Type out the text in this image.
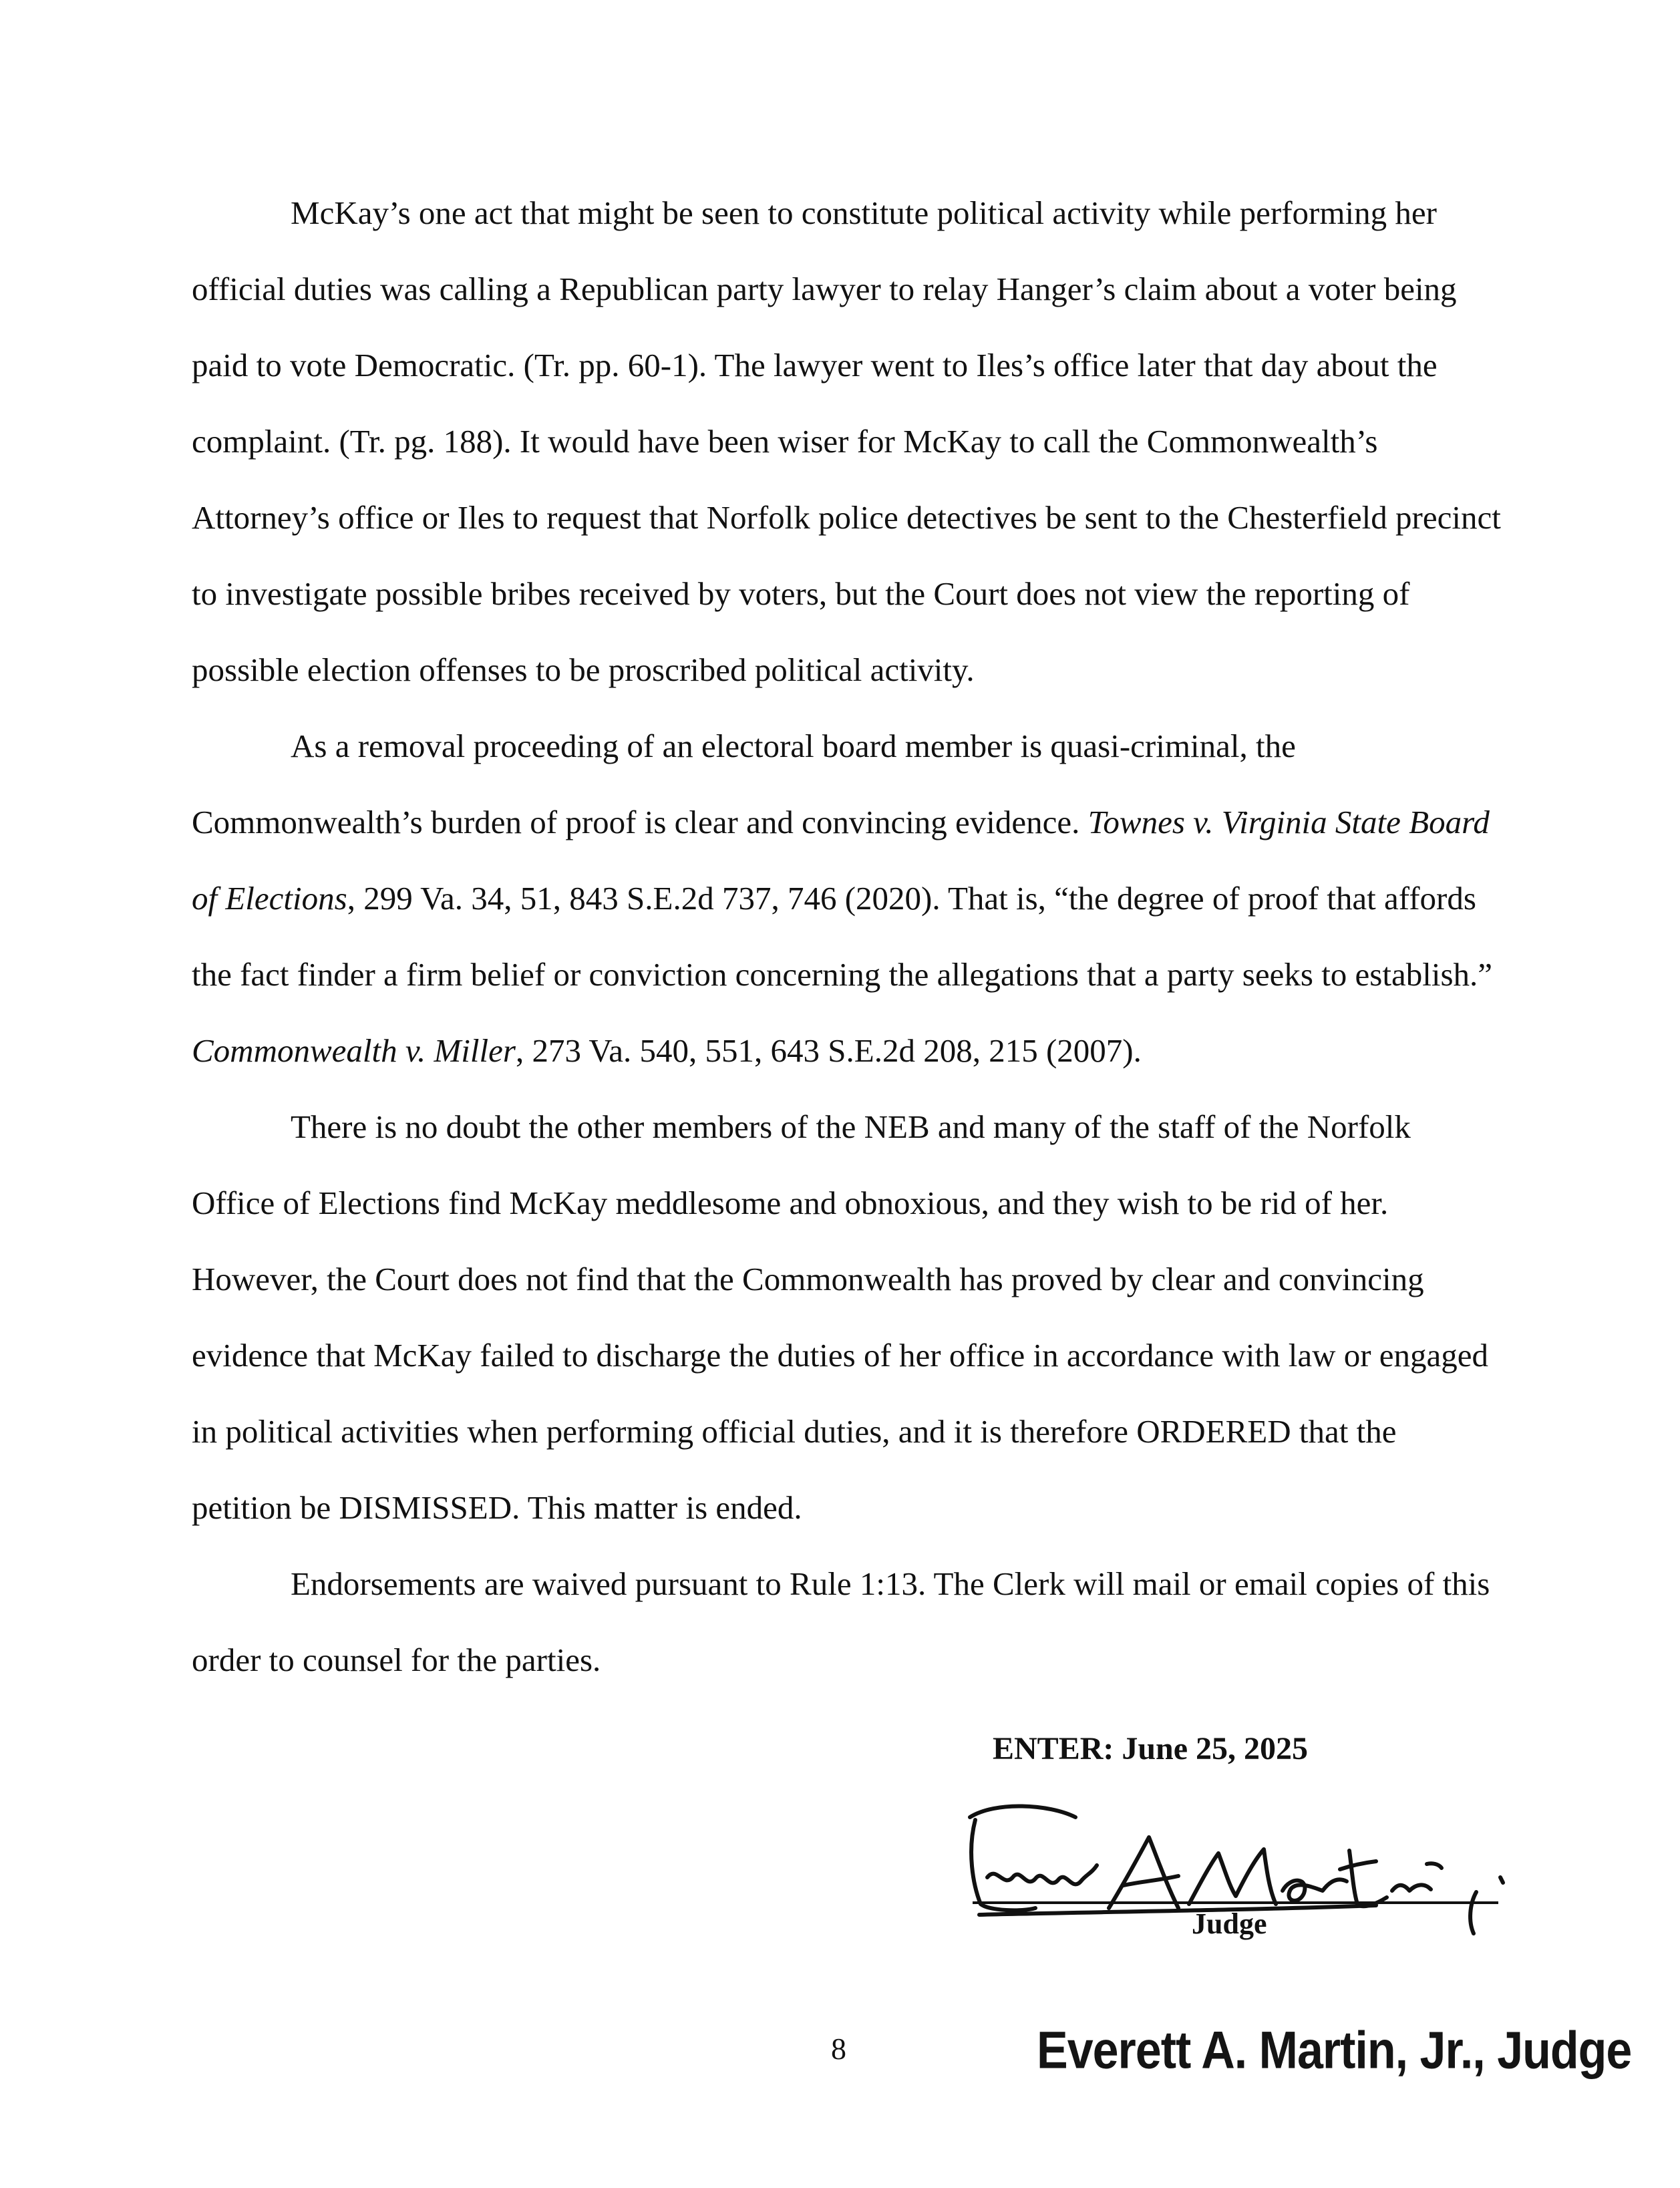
McKay’s one act that might be seen to constitute political activity while performing her official duties was calling a Republican party lawyer to relay Hanger’s claim about a voter being paid to vote Democratic. (Tr. pp. 60-1). The lawyer went to Iles’s office later that day about the complaint. (Tr. pg. 188). It would have been wiser for McKay to call the Commonwealth’s Attorney’s office or Iles to request that Norfolk police detectives be sent to the Chesterfield precinct to investigate possible bribes received by voters, but the Court does not view the reporting of possible election offenses to be proscribed political activity.

As a removal proceeding of an electoral board member is quasi-criminal, the Commonwealth’s burden of proof is clear and convincing evidence. Townes v. Virginia State Board of Elections, 299 Va. 34, 51, 843 S.E.2d 737, 746 (2020). That is, “the degree of proof that affords the fact finder a firm belief or conviction concerning the allegations that a party seeks to establish.” Commonwealth v. Miller, 273 Va. 540, 551, 643 S.E.2d 208, 215 (2007).

There is no doubt the other members of the NEB and many of the staff of the Norfolk Office of Elections find McKay meddlesome and obnoxious, and they wish to be rid of her. However, the Court does not find that the Commonwealth has proved by clear and convincing evidence that McKay failed to discharge the duties of her office in accordance with law or engaged in political activities when performing official duties, and it is therefore ORDERED that the petition be DISMISSED. This matter is ended.

Endorsements are waived pursuant to Rule 1:13. The Clerk will mail or email copies of this order to counsel for the parties.

ENTER: June 25, 2025
Judge
8	Everett A. Martin, Jr., Judge
